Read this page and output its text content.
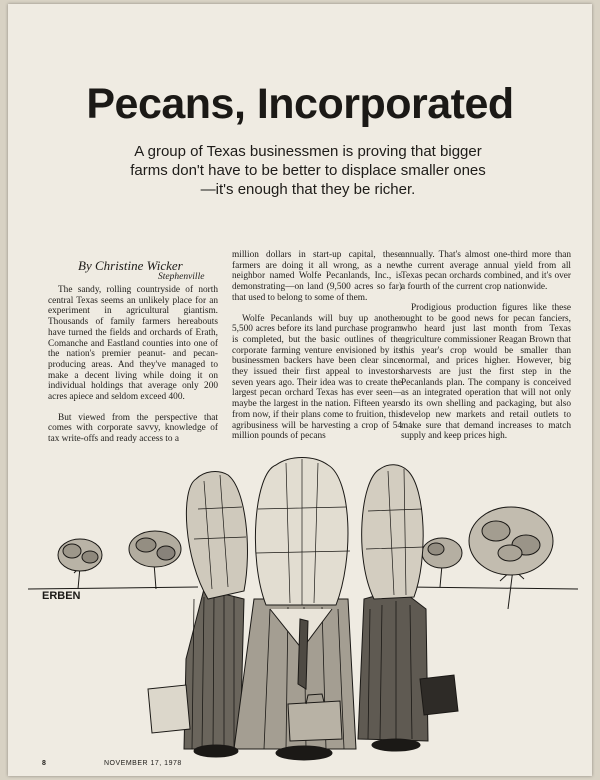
Pecans, Incorporated
A group of Texas businessmen is proving that bigger farms don't have to be better to displace smaller ones—it's enough that they be richer.
By Christine Wicker
Stephenville

The sandy, rolling countryside of north central Texas seems an unlikely place for an experiment in agricultural giantism. Thousands of family farmers hereabouts have turned the fields and orchards of Erath, Comanche and Eastland counties into one of the nation's premier peanut- and pecan-producing areas. And they've managed to make a decent living while doing it on individual holdings that average only 200 acres apiece and seldom exceed 400.

But viewed from the perspective that comes with corporate savvy, knowledge of tax write-offs and ready access to a

million dollars in start-up capital, these farmers are doing it all wrong, as a new neighbor named Wolfe Pecanlands, Inc., is demonstrating—on land (9,500 acres so far) that used to belong to some of them.

Wolfe Pecanlands will buy up another 5,500 acres before its land purchase program is completed, but the basic outlines of the corporate farming venture envisioned by its businessmen backers have been clear since they issued their first appeal to investors seven years ago. Their idea was to create the largest pecan orchard Texas has ever seen—maybe the largest in the nation. Fifteen years from now, if their plans come to fruition, this agribusiness will be harvesting a crop of 54 million pounds of pecans

annually. That's almost one-third more than the current average annual yield from all Texas pecan orchards combined, and it's over a fourth of the current crop nationwide.

Prodigious production figures like these ought to be good news for pecan fanciers, who heard just last month from Texas agriculture commissioner Reagan Brown that this year's crop would be smaller than normal, and prices higher. However, big harvests are just the first step in the Pecanlands plan. The company is conceived as an integrated operation that will not only do its own shelling and packaging, but also develop new markets and retail outlets to make sure that demand increases to match supply and keep prices high.

ERBEN
8	NOVEMBER 17, 1978
